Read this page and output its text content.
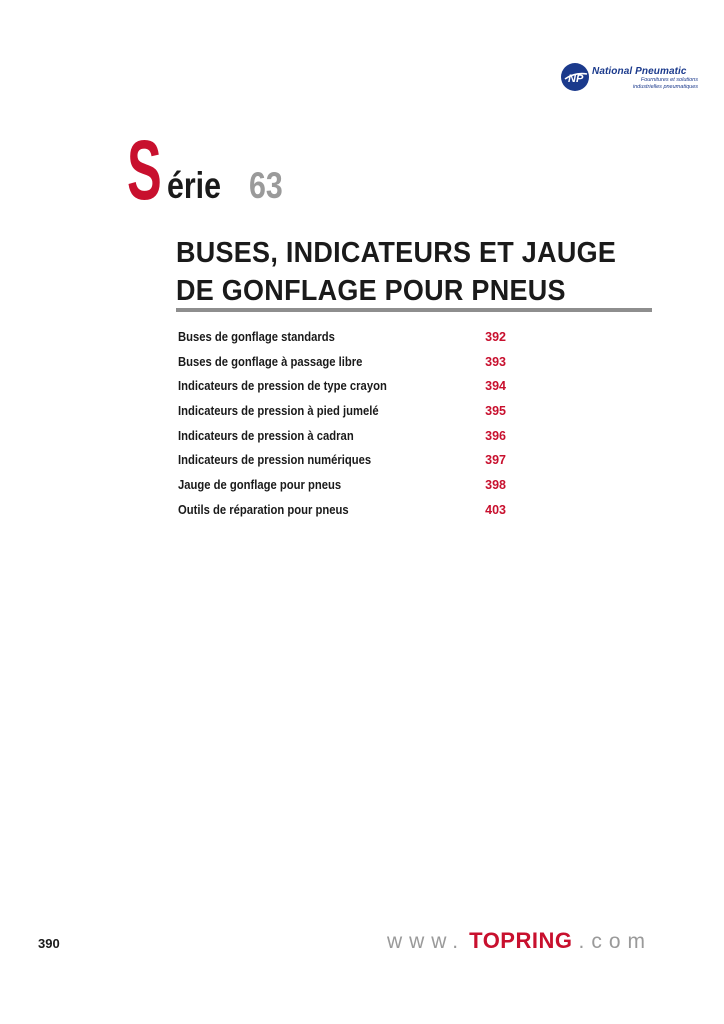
NP
National Pneumatic
Fournitures et solutions
industrielles pneumatiques
S érie 63
BUSES, INDICATEURS ET JAUGE
DE GONFLAGE POUR PNEUS
Buses de gonflage standards	392
Buses de gonflage à passage libre	393
Indicateurs de pression de type crayon	394
Indicateurs de pression à pied jumelé	395
Indicateurs de pression à cadran	396
Indicateurs de pression numériques	397
Jauge de gonflage pour pneus	398
Outils de réparation pour pneus	403
390	www. TOPRING .com
